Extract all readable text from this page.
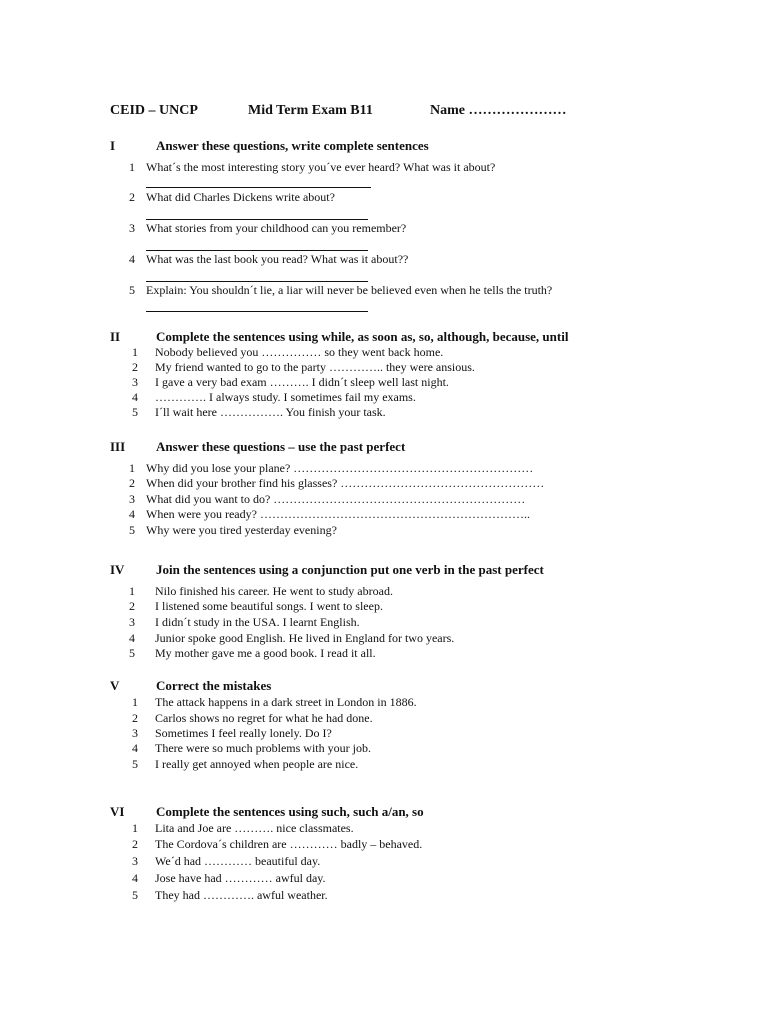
CEID – UNCP	Mid Term Exam B11	Name …………………
I	Answer these questions, write complete sentences
1 What´s the most interesting story you´ve ever heard? What was it about?
2 What did Charles Dickens write about?
3 What stories from your childhood can you remember?
4 What was the last book you read? What was it about??
5 Explain: You shouldn´t lie, a liar will never be believed even when he tells the truth?
II	Complete the sentences using while, as soon as, so, although, because, until
1 Nobody believed you …………… so they went back home.
2 My friend wanted to go to the party ………….. they were ansious.
3 I gave a very bad exam ………. I didn´t sleep well last night.
4 …………. I always study. I sometimes fail my exams.
5 I´ll wait here ……………. You finish your task.
III Answer these questions – use the past perfect
1 Why did you lose your plane? ……………………………………………………
2 When did your brother find his glasses? ……………………………………………
3 What did you want to do? ………………………………………………………
4 When were you ready? …………………………………………………………..
5 Why were you tired yesterday evening?
IV Join the sentences using a conjunction put one verb in the past perfect
1 Nilo finished his career. He went to study abroad.
2 I listened some beautiful songs. I went to sleep.
3 I didn´t study in the USA. I learnt English.
4 Junior spoke good English. He lived in England for two years.
5 My mother gave me a good book. I read it all.
V	Correct the mistakes
1 The attack happens in a dark street in London in 1886.
2 Carlos shows no regret for what he had done.
3 Sometimes I feel really lonely. Do I?
4 There were so much problems with your job.
5 I really get annoyed when people are nice.
VI Complete the sentences using such, such a/an, so
1 Lita and Joe are ………. nice classmates.
2 The Cordova´s children are ………… badly – behaved.
3 We´d had ………… beautiful day.
4 Jose have had ………… awful day.
5 They had …………. awful weather.
